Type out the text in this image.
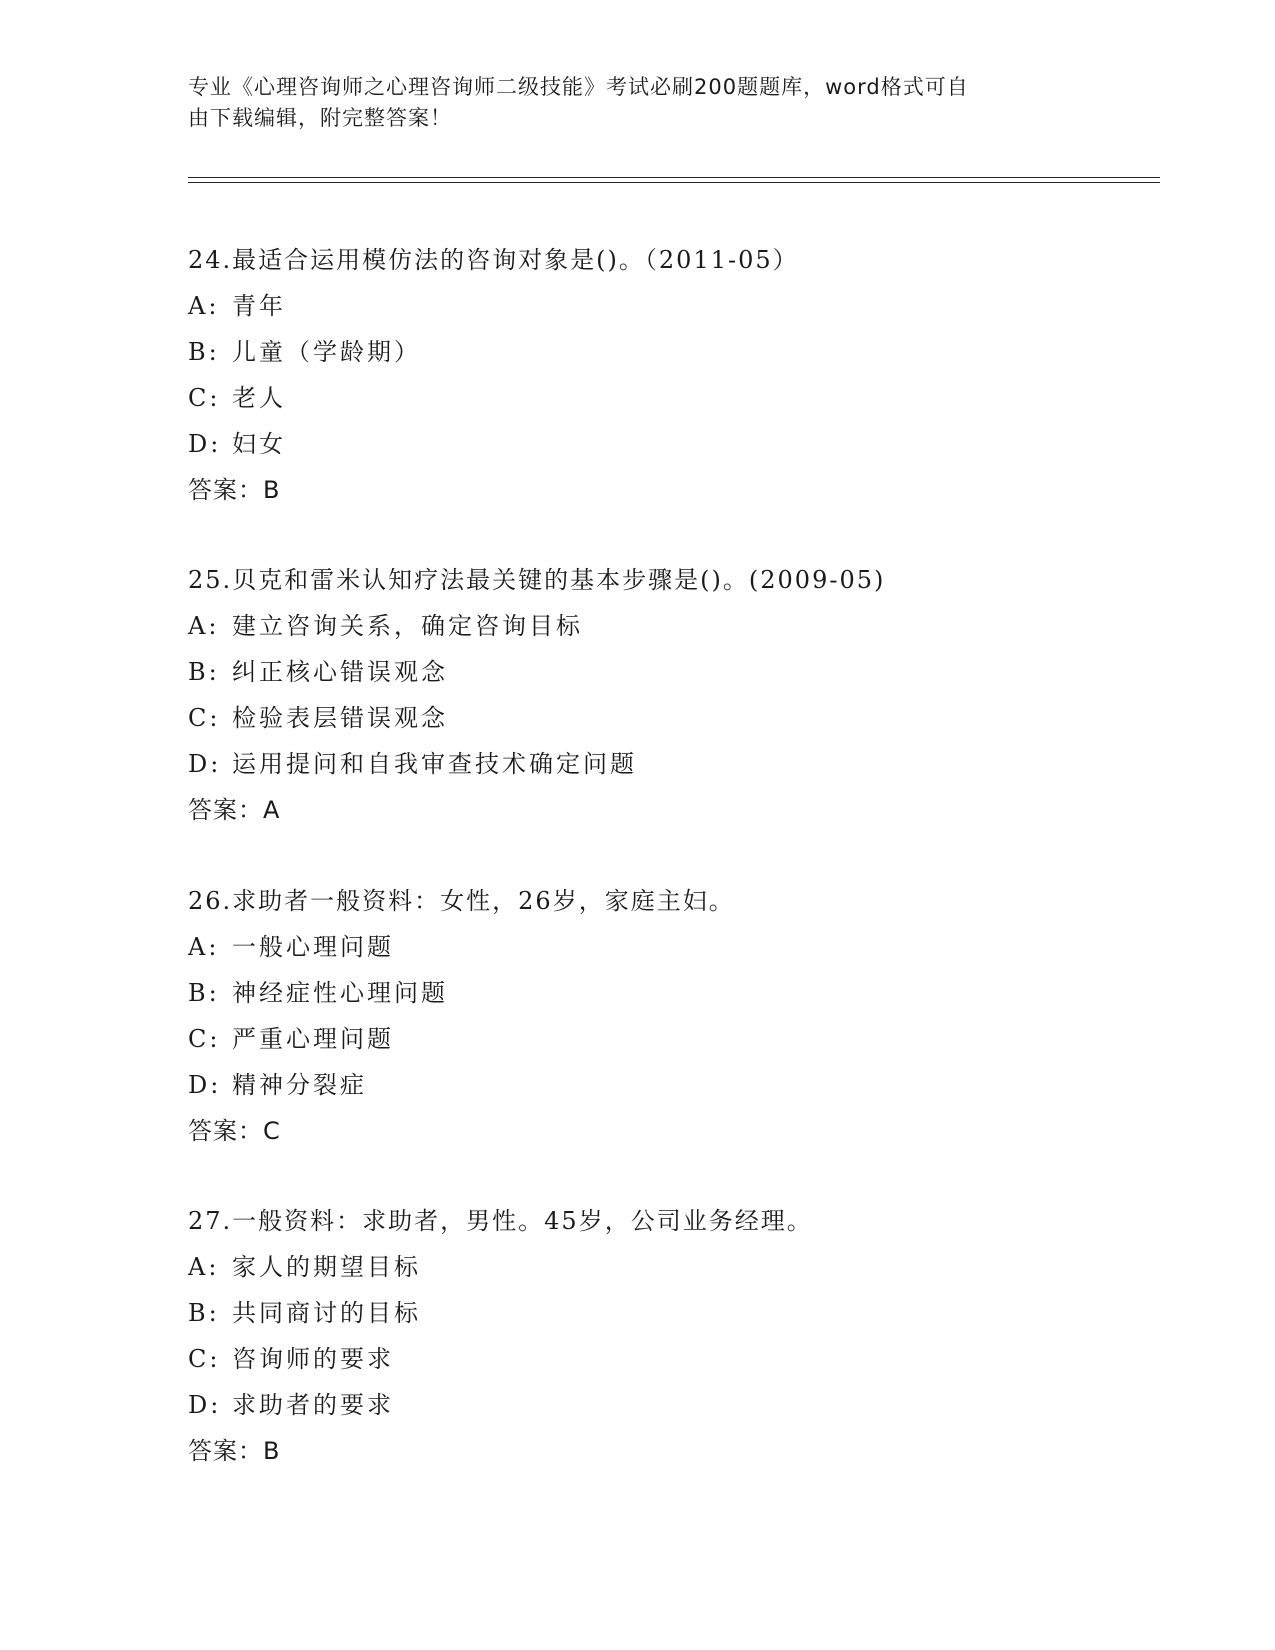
专业《心理咨询师之心理咨询师二级技能》考试必刷200题题库，word格式可自
由下载编辑，附完整答案！
24.最适合运用模仿法的咨询对象是()。（2011-05）
A: 青年
B: 儿童（学龄期）
C: 老人
D: 妇女
答案：B
25.贝克和雷米认知疗法最关键的基本步骤是()。(2009-05)
A: 建立咨询关系，确定咨询目标
B: 纠正核心错误观念
C: 检验表层错误观念
D: 运用提问和自我审查技术确定问题
答案：A
26.求助者一般资料：女性，26岁，家庭主妇。
A: 一般心理问题
B: 神经症性心理问题
C: 严重心理问题
D: 精神分裂症
答案：C
27.一般资料：求助者，男性。45岁，公司业务经理。
A: 家人的期望目标
B: 共同商讨的目标
C: 咨询师的要求
D: 求助者的要求
答案：B
